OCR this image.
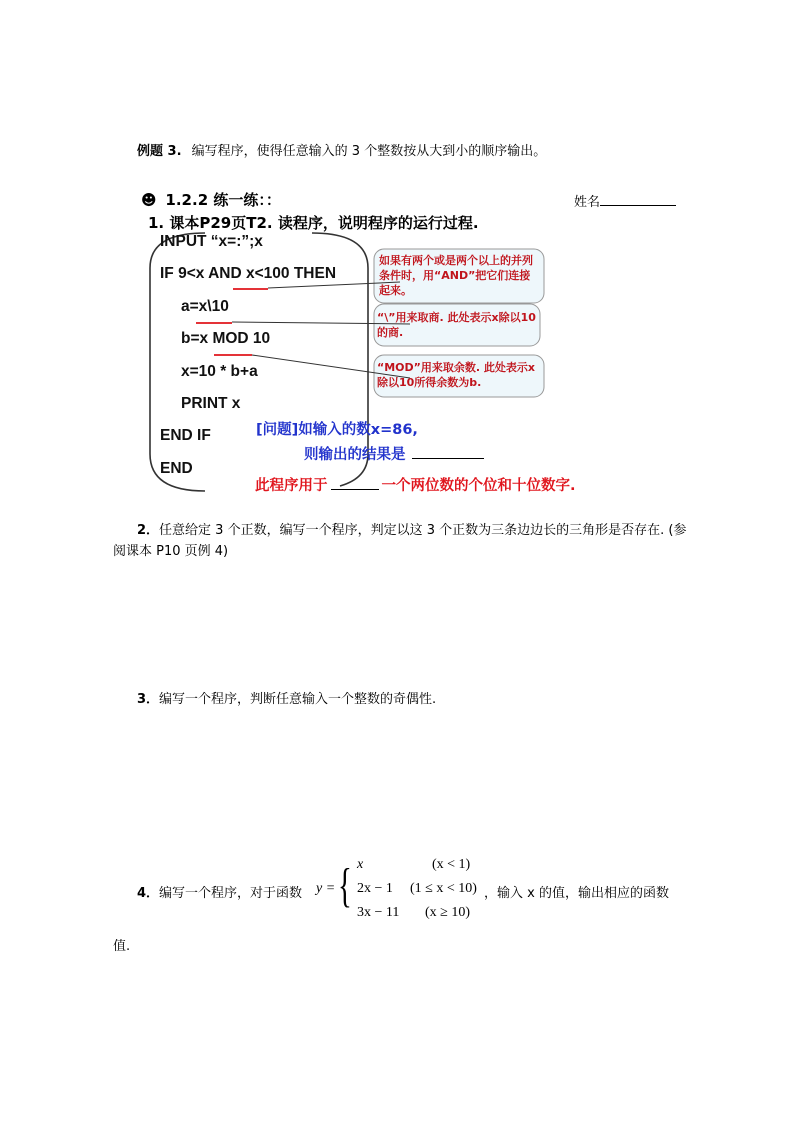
例题 3. 编写程序，使得任意输入的 3 个整数按从大到小的顺序输出。
☻ 1.2.2 练一练：：	姓名
1. 课本P29页T2. 读程序，说明程序的运行过程.
INPUT “x=:”;x
IF 9<x AND x<100 THEN
a=x\10
b=x MOD 10
x=10 * b+a
PRINT x
END IF
END
如果有两个或是两个以上的并列条件时，用“AND”把它们连接起来。
“\”用来取商. 此处表示x除以10的商.
“MOD”用来取余数. 此处表示x除以10所得余数为b.
[问题]如输入的数x=86,
则输出的结果是
此程序用于	一个两位数的个位和十位数字.
2．任意给定 3 个正数，编写一个程序，判定以这 3 个正数为三条边边长的三角形是否存在. (参阅课本 P10 页例 4)
3．编写一个程序，判断任意输入一个整数的奇偶性.
4．编写一个程序，对于函数 y = { x	(x < 1)
2x − 1 (1 ≤ x < 10)
3x − 11 (x ≥ 10)
，输入 x 的值，输出相应的函数
值.
